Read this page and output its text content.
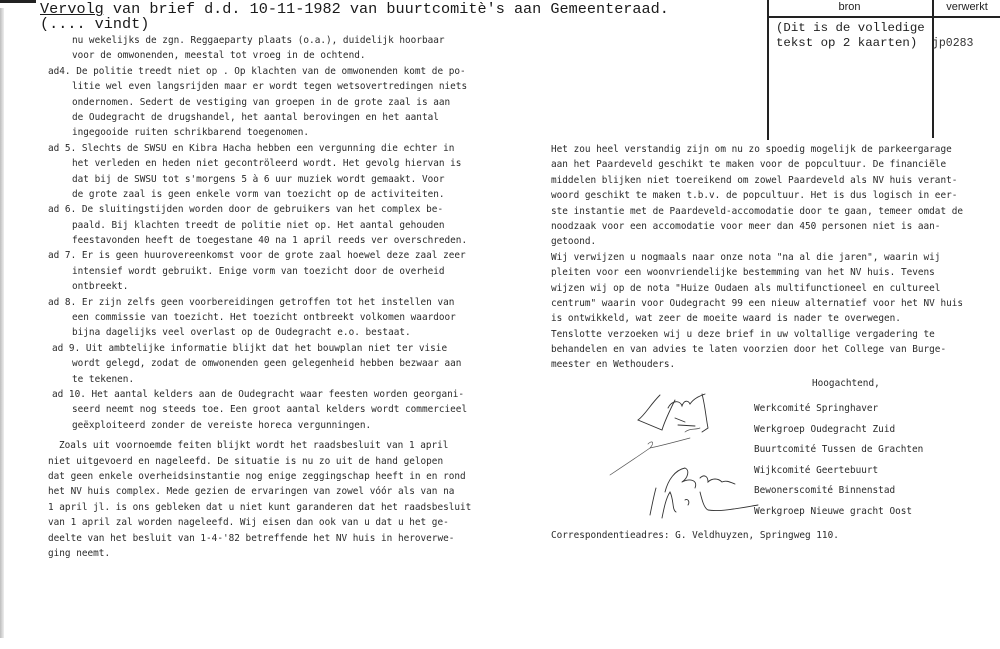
Vervolg van brief d.d. 10-11-1982 van buurtcomitè's aan Gemeenteraad.
(.... vindt)
bron	verwerkt
(Dit is de volledige
tekst op 2 kaarten)	jp0283
nu wekelijks de zgn. Reggaeparty plaats (o.a.), duidelijk hoorbaar
voor de omwonenden, meestal tot vroeg in de ochtend.
ad4. De politie treedt niet op . Op klachten van de omwonenden komt de po-
litie wel even langsrijden maar er wordt tegen wetsovertredingen niets
ondernomen. Sedert de vestiging van groepen in de grote zaal is aan
de Oudegracht de drugshandel, het aantal berovingen en het aantal
ingegooide ruiten schrikbarend toegenomen.
ad 5. Slechts de SWSU en Kibra Hacha hebben een vergunning die echter in
het verleden en heden niet gecontröleerd wordt. Het gevolg hiervan is
dat bij de SWSU tot s'morgens 5 à 6 uur muziek wordt gemaakt. Voor
de grote zaal is geen enkele vorm van toezicht op de activiteiten.
ad 6. De sluitingstijden worden door de gebruikers van het complex be-
paald. Bij klachten treedt de politie niet op. Het aantal gehouden
feestavonden heeft de toegestane 40 na 1 april reeds ver overschreden.
ad 7. Er is geen huurovereenkomst voor de grote zaal hoewel deze zaal zeer
intensief wordt gebruikt. Enige vorm van toezicht door de overheid
ontbreekt.
ad 8. Er zijn zelfs geen voorbereidingen getroffen tot het instellen van
een commissie van toezicht. Het toezicht ontbreekt volkomen waardoor
bijna dagelijks veel overlast op de Oudegracht e.o. bestaat.
ad 9. Uit ambtelijke informatie blijkt dat het bouwplan niet ter visie
wordt gelegd, zodat de omwonenden geen gelegenheid hebben bezwaar aan
te tekenen.
ad 10. Het aantal kelders aan de Oudegracht waar feesten worden georgani-
seerd neemt nog steeds toe. Een groot aantal kelders wordt commercieel
geëxploiteerd zonder de vereiste horeca vergunningen.
Zoals uit voornoemde feiten blijkt wordt het raadsbesluit van 1 april
niet uitgevoerd en nageleefd. De situatie is nu zo uit de hand gelopen
dat geen enkele overheidsinstantie nog enige zeggingschap heeft in en rond
het NV huis complex. Mede gezien de ervaringen van zowel vóór als van na
1 april jl. is ons gebleken dat u niet kunt garanderen dat het raadsbesluit
van 1 april zal worden nageleefd. Wij eisen dan ook van u dat u het ge-
deelte van het besluit van 1-4-'82 betreffende het NV huis in heroverwe-
ging neemt.
Het zou heel verstandig zijn om nu zo spoedig mogelijk de parkeergarage
aan het Paardeveld geschikt te maken voor de popcultuur. De financiële
middelen blijken niet toereikend om zowel Paardeveld als NV huis verant-
woord geschikt te maken t.b.v. de popcultuur. Het is dus logisch in eer-
ste instantie met de Paardeveld-accomodatie door te gaan, temeer omdat de
noodzaak voor een accomodatie voor meer dan 450 personen niet is aan-
getoond.
Wij verwijzen u nogmaals naar onze nota "na al die jaren", waarin wij
pleiten voor een woonvriendelijke bestemming van het NV huis. Tevens
wijzen wij op de nota "Huize Oudaen als multifunctioneel en cultureel
centrum" waarin voor Oudegracht 99 een nieuw alternatief voor het NV huis
is ontwikkeld, wat zeer de moeite waard is nader te overwegen.
Tenslotte verzoeken wij u deze brief in uw voltallige vergadering te
behandelen en van advies te laten voorzien door het College van Burge-
meester en Wethouders.
Hoogachtend,
Werkcomité Springhaver
Werkgroep Oudegracht Zuid
Buurtcomité Tussen de Grachten
Wijkcomité Geertebuurt
Bewonerscomité Binnenstad
Werkgroep Nieuwe gracht Oost
Correspondentieadres: G. Veldhuyzen, Springweg 110.
